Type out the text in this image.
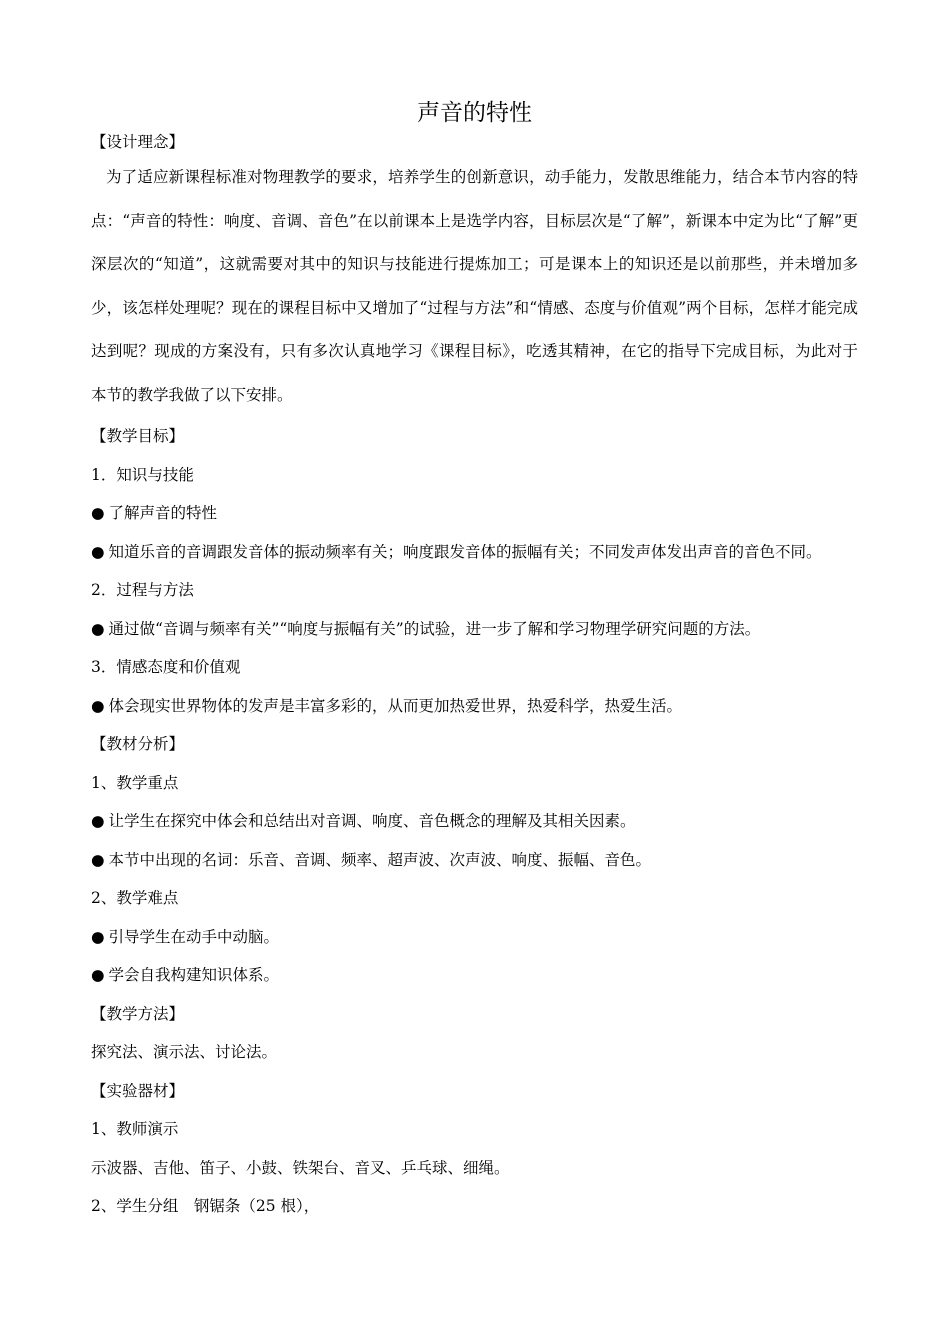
声音的特性
【设计理念】

为了适应新课程标准对物理教学的要求，培养学生的创新意识，动手能力，发散思维能力，结合本节内容的特点：“声音的特性：响度、音调、音色”在以前课本上是选学内容，目标层次是“了解”，新课本中定为比“了解”更深层次的“知道”，这就需要对其中的知识与技能进行提炼加工；可是课本上的知识还是以前那些，并未增加多少，该怎样处理呢？现在的课程目标中又增加了“过程与方法”和“情感、态度与价值观”两个目标，怎样才能完成达到呢？现成的方案没有，只有多次认真地学习《课程目标》，吃透其精神，在它的指导下完成目标，为此对于本节的教学我做了以下安排。

【教学目标】
1．知识与技能
● 了解声音的特性
● 知道乐音的音调跟发音体的振动频率有关；响度跟发音体的振幅有关；不同发声体发出声音的音色不同。
2．过程与方法
● 通过做“音调与频率有关”“响度与振幅有关”的试验，进一步了解和学习物理学研究问题的方法。
3．情感态度和价值观
● 体会现实世界物体的发声是丰富多彩的，从而更加热爱世界，热爱科学，热爱生活。
【教材分析】
1、教学重点
● 让学生在探究中体会和总结出对音调、响度、音色概念的理解及其相关因素。
● 本节中出现的名词：乐音、音调、频率、超声波、次声波、响度、振幅、音色。
2、教学难点
● 引导学生在动手中动脑。
● 学会自我构建知识体系。
【教学方法】
探究法、演示法、讨论法。
【实验器材】
1、教师演示
示波器、吉他、笛子、小鼓、铁架台、音叉、乒乓球、细绳。
2、学生分组　钢锯条（25 根），
